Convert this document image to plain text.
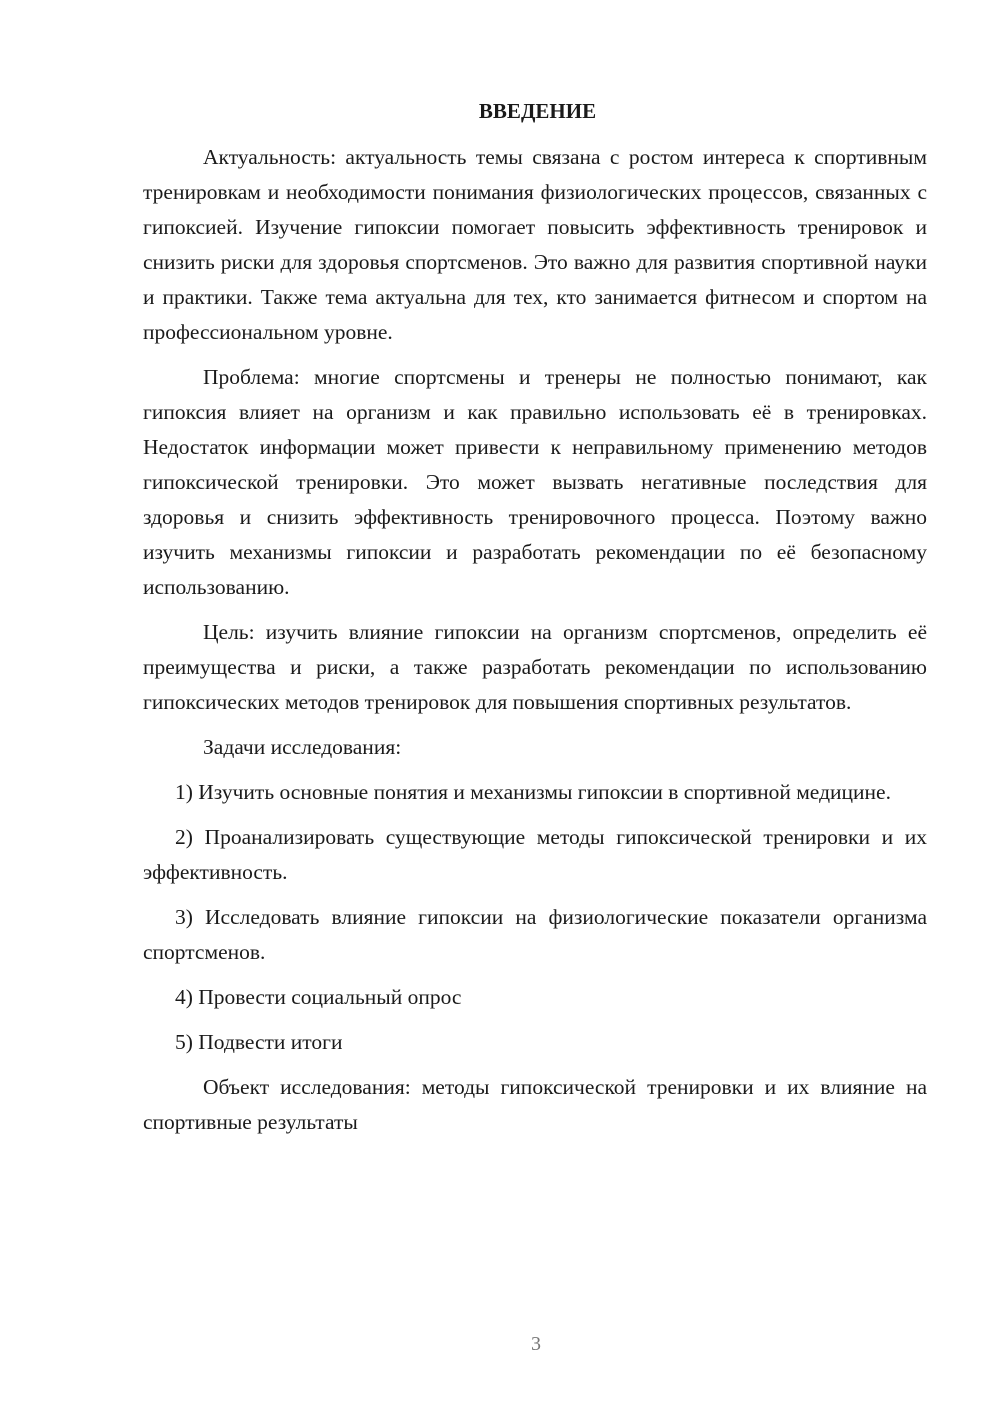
ВВЕДЕНИЕ

Актуальность: актуальность темы связана с ростом интереса к спортивным тренировкам и необходимости понимания физиологических процессов, связанных с гипоксией. Изучение гипоксии помогает повысить эффективность тренировок и снизить риски для здоровья спортсменов. Это важно для развития спортивной науки и практики. Также тема актуальна для тех, кто занимается фитнесом и спортом на профессиональном уровне.

Проблема: многие спортсмены и тренеры не полностью понимают, как гипоксия влияет на организм и как правильно использовать её в тренировках. Недостаток информации может привести к неправильному применению методов гипоксической тренировки. Это может вызвать негативные последствия для здоровья и снизить эффективность тренировочного процесса. Поэтому важно изучить механизмы гипоксии и разработать рекомендации по её безопасному использованию.

Цель: изучить влияние гипоксии на организм спортсменов, определить её преимущества и риски, а также разработать рекомендации по использованию гипоксических методов тренировок для повышения спортивных результатов.

Задачи исследования:

1) Изучить основные понятия и механизмы гипоксии в спортивной медицине.

2) Проанализировать существующие методы гипоксической тренировки и их эффективность.

3) Исследовать влияние гипоксии на физиологические показатели организма спортсменов.

4) Провести социальный опрос

5) Подвести итоги

Объект исследования: методы гипоксической тренировки и их влияние на спортивные результаты

3
